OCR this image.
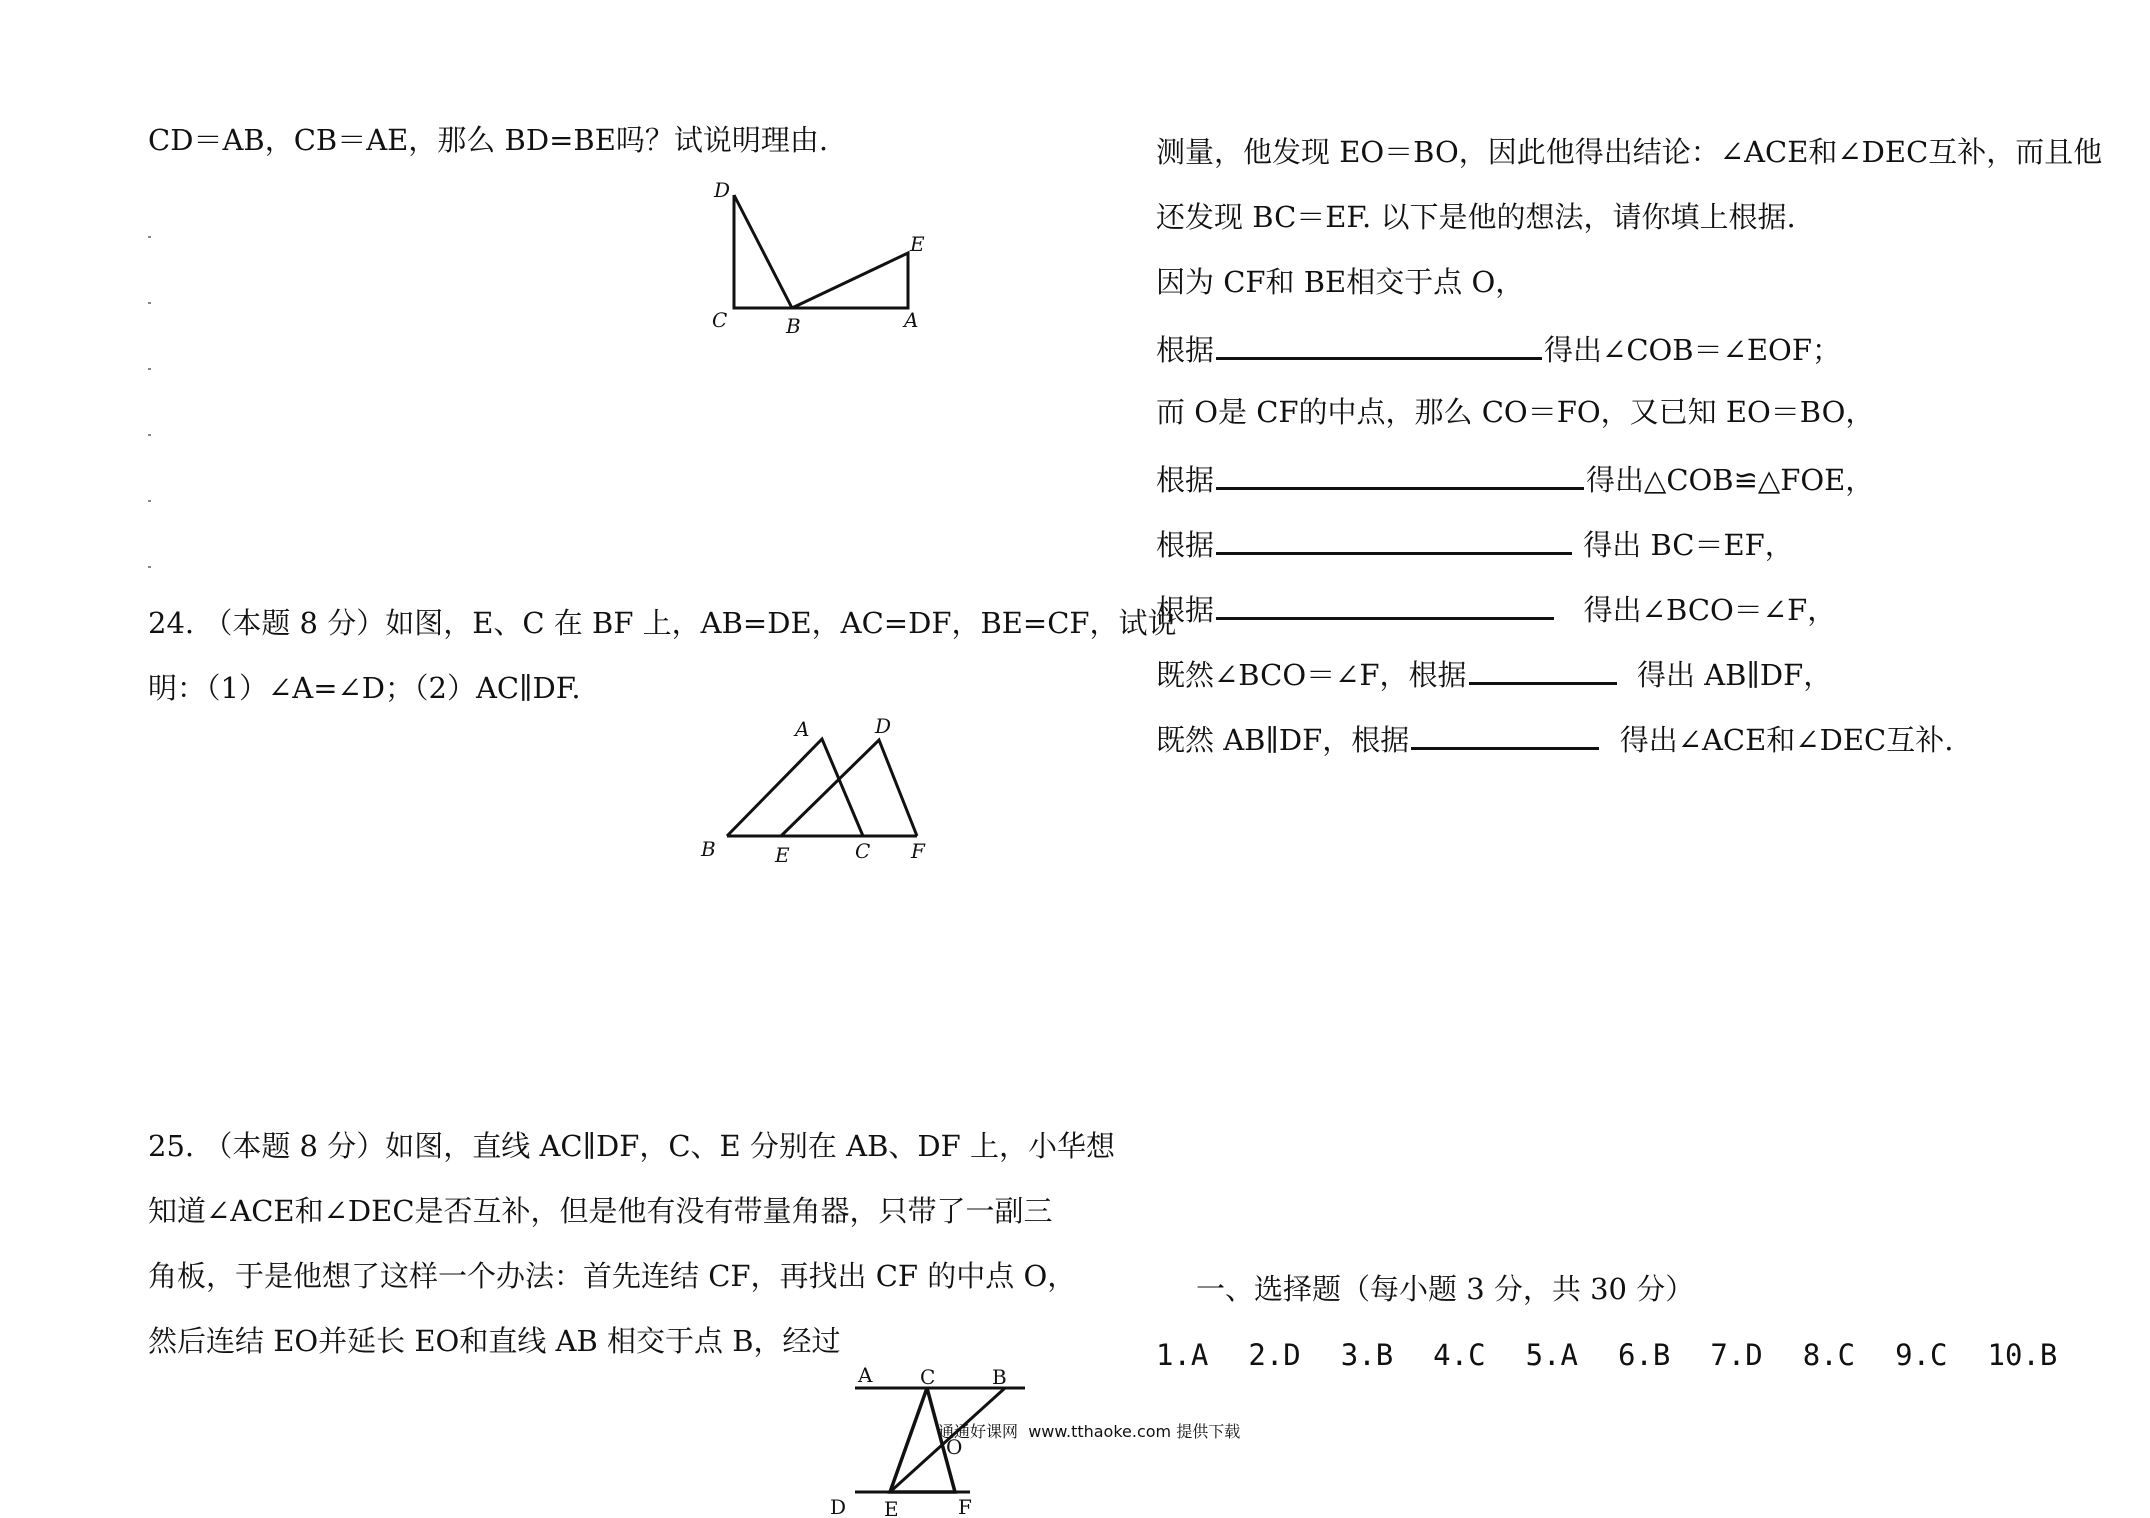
CD＝AB，CB＝AE，那么 BD=BE吗？试说明理由.
D
E
C	B	A
24. （本题 8 分）如图，E、C 在 BF 上，AB=DE，AC=DF，BE=CF，试说
明：（1）∠A=∠D；（2）AC∥DF.
A	D
B	E	C F
25. （本题 8 分）如图，直线 AC∥DF，C、E 分别在 AB、DF 上，小华想
知道∠ACE和∠DEC是否互补，但是他有没有带量角器，只带了一副三
角板，于是他想了这样一个办法：首先连结 CF，再找出 CF 的中点 O，
然后连结 EO并延长 EO和直线 AB 相交于点 B，经过
A C	B
O
D E	F
测量，他发现 EO＝BO，因此他得出结论：∠ACE和∠DEC互补，而且他
还发现 BC＝EF. 以下是他的想法，请你填上根据.
因为 CF和 BE相交于点 O，
根据	得出∠COB＝∠EOF；
而 O是 CF的中点，那么 CO＝FO，又已知 EO＝BO，
根据	得出△COB≌△FOE，
根据	得出 BC＝EF，
根据	得出∠BCO＝∠F，
既然∠BCO＝∠F，根据	得出 AB∥DF，
既然 AB∥DF，根据	得出∠ACE和∠DEC互补.
一、选择题（每小题 3 分，共 30 分）
1.A 2.D 3.B 4.C 5.A 6.B 7.D 8.C 9.C 10.B
通通好课网 www.tthaoke.com 提供下载
